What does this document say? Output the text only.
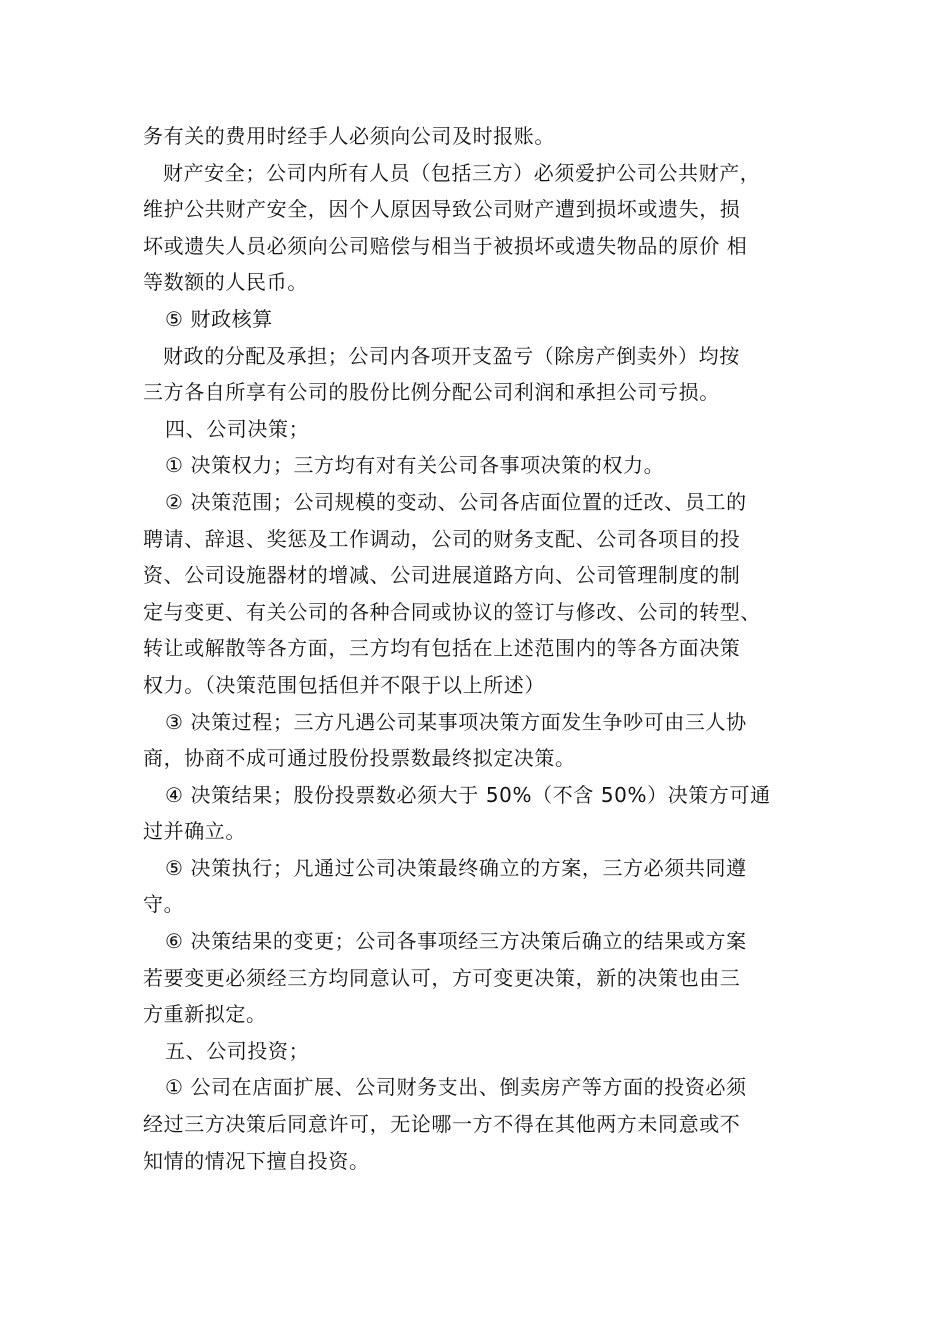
务有关的费用时经手人必须向公司及时报账。

财产安全；公司内所有人员（包括三方）必须爱护公司公共财产，

维护公共财产安全，因个人原因导致公司财产遭到损坏或遗失，损

坏或遗失人员必须向公司赔偿与相当于被损坏或遗失物品的原价 相

等数额的人民币。

⑤ 财政核算

财政的分配及承担；公司内各项开支盈亏（除房产倒卖外）均按

三方各自所享有公司的股份比例分配公司利润和承担公司亏损。

四、公司决策；

① 决策权力；三方均有对有关公司各事项决策的权力。

② 决策范围；公司规模的变动、公司各店面位置的迁改、员工的

聘请、辞退、奖惩及工作调动，公司的财务支配、公司各项目的投

资、公司设施器材的增减、公司进展道路方向、公司管理制度的制

定与变更、有关公司的各种合同或协议的签订与修改、公司的转型、

转让或解散等各方面，三方均有包括在上述范围内的等各方面决策

权力。（决策范围包括但并不限于以上所述）

③ 决策过程；三方凡遇公司某事项决策方面发生争吵可由三人协

商，协商不成可通过股份投票数最终拟定决策。

④ 决策结果；股份投票数必须大于 50%（不含 50%）决策方可通

过并确立。

⑤ 决策执行；凡通过公司决策最终确立的方案，三方必须共同遵

守。

⑥ 决策结果的变更；公司各事项经三方决策后确立的结果或方案

若要变更必须经三方均同意认可，方可变更决策，新的决策也由三

方重新拟定。

五、公司投资；

① 公司在店面扩展、公司财务支出、倒卖房产等方面的投资必须

经过三方决策后同意许可，无论哪一方不得在其他两方未同意或不

知情的情况下擅自投资。
